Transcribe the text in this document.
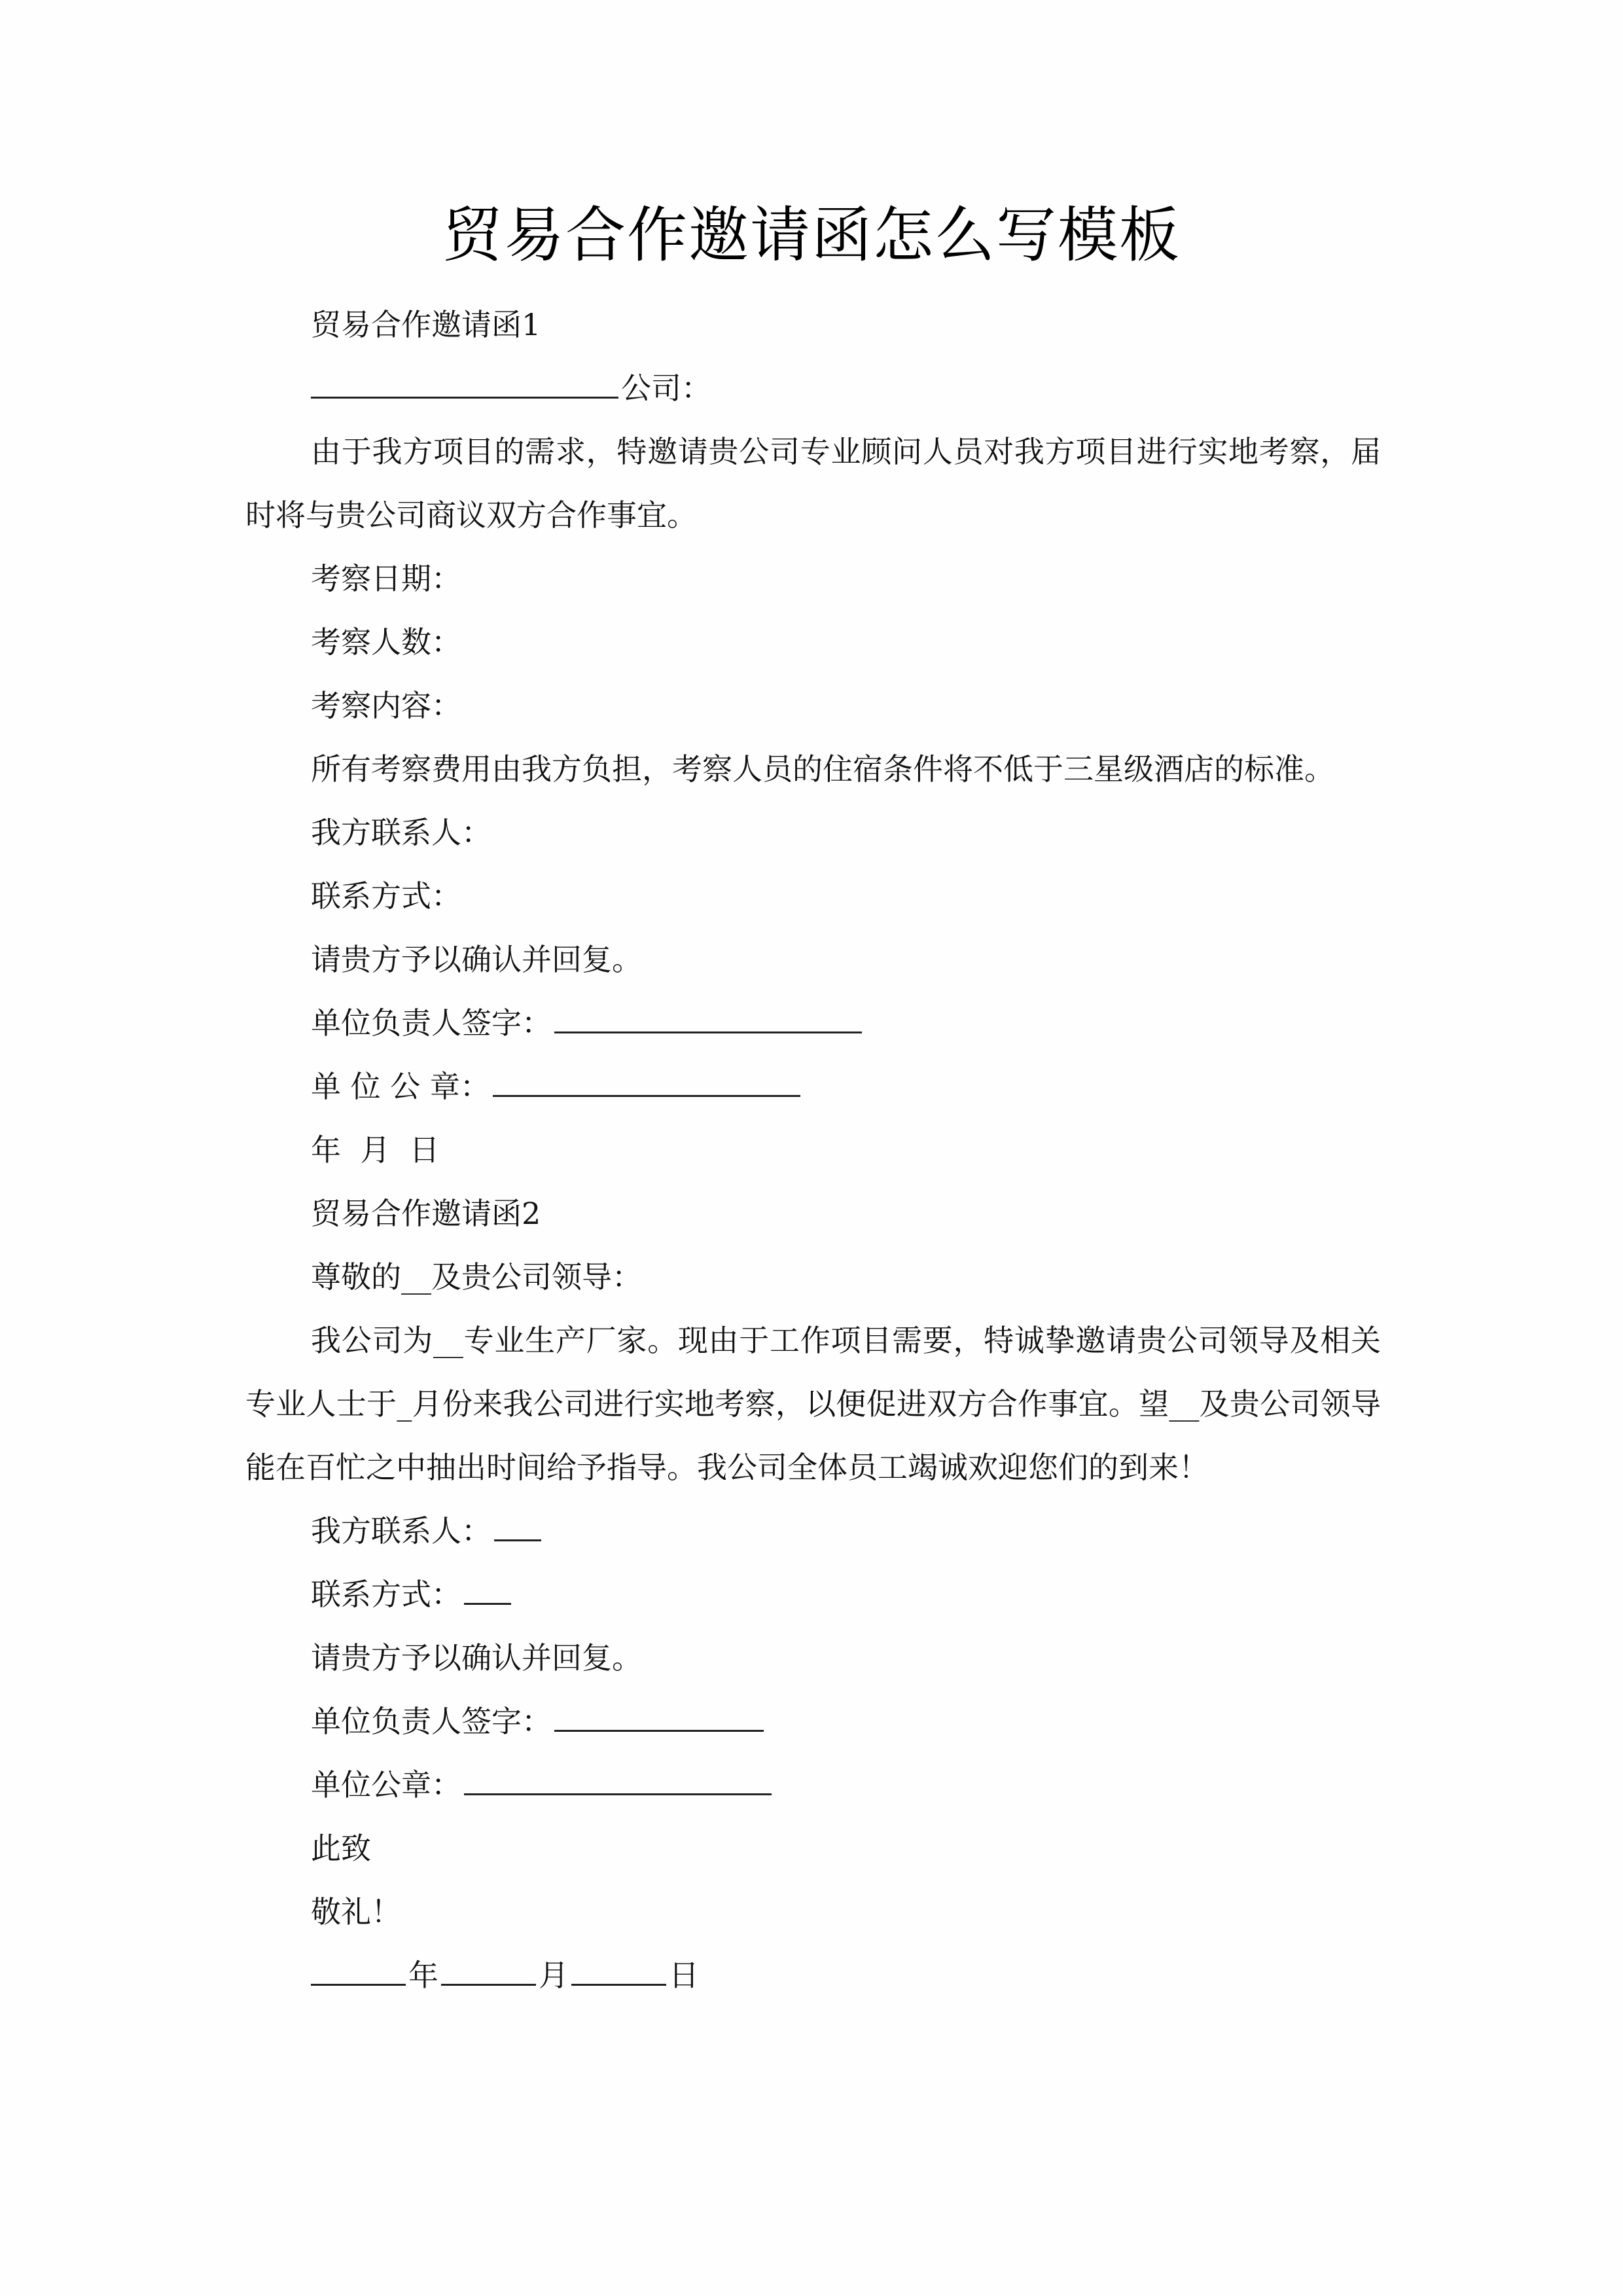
贸易合作邀请函怎么写模板

贸易合作邀请函1

公司：

由于我方项目的需求，特邀请贵公司专业顾问人员对我方项目进行实地考察，届时将与贵公司商议双方合作事宜。

考察日期：

考察人数：

考察内容：

所有考察费用由我方负担，考察人员的住宿条件将不低于三星级酒店的标准。

我方联系人：

联系方式：

请贵方予以确认并回复。

单位负责人签字：

单 位 公 章：

年  月  日

贸易合作邀请函2

尊敬的__及贵公司领导：

我公司为__专业生产厂家。现由于工作项目需要，特诚挚邀请贵公司领导及相关专业人士于_月份来我公司进行实地考察，以便促进双方合作事宜。望__及贵公司领导能在百忙之中抽出时间给予指导。我公司全体员工竭诚欢迎您们的到来！

我方联系人：

联系方式：

请贵方予以确认并回复。

单位负责人签字：

单位公章：

此致

敬礼！

年	月	日
